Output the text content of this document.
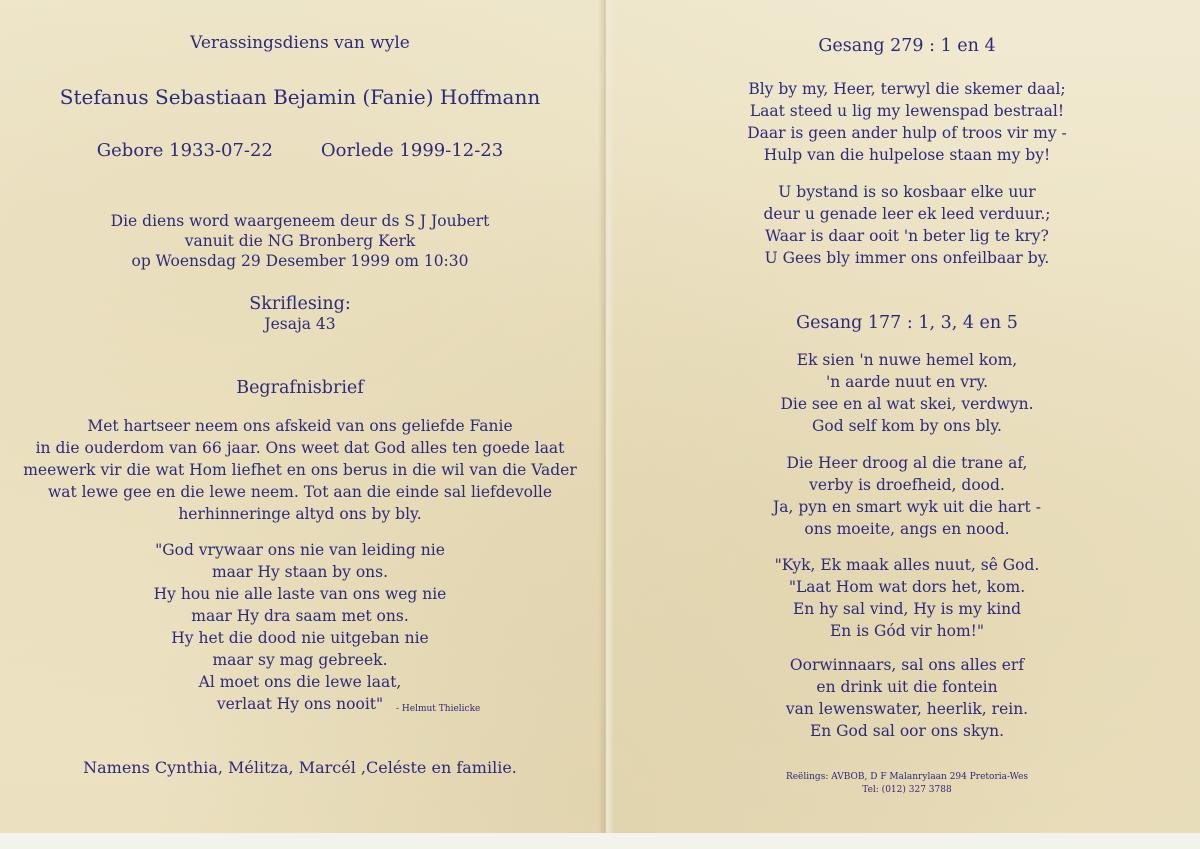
Verassingsdiens van wyle
Stefanus Sebastiaan Bejamin (Fanie) Hoffmann
Gebore 1933-07-22	Oorlede 1999-12-23
Die diens word waargeneem deur ds S J Joubert
vanuit die NG Bronberg Kerk
op Woensdag 29 Desember 1999 om 10:30
Skriflesing:
Jesaja 43
Begrafnisbrief
Met hartseer neem ons afskeid van ons geliefde Fanie
in die ouderdom van 66 jaar. Ons weet dat God alles ten goede laat
meewerk vir die wat Hom liefhet en ons berus in die wil van die Vader
wat lewe gee en die lewe neem. Tot aan die einde sal liefdevolle
herhinneringe altyd ons by bly.
"God vrywaar ons nie van leiding nie
maar Hy staan by ons.
Hy hou nie alle laste van ons weg nie
maar Hy dra saam met ons.
Hy het die dood nie uitgeban nie
maar sy mag gebreek.
Al moet ons die lewe laat,
verlaat Hy ons nooit"	- Helmut Thielicke
Namens Cynthia, Mélitza, Marcél ,Celéste en familie.
Gesang 279 : 1 en 4
Bly by my, Heer, terwyl die skemer daal;
Laat steed u lig my lewenspad bestraal!
Daar is geen ander hulp of troos vir my -
Hulp van die hulpelose staan my by!
U bystand is so kosbaar elke uur
deur u genade leer ek leed verduur.;
Waar is daar ooit 'n beter lig te kry?
U Gees bly immer ons onfeilbaar by.
Gesang 177 : 1, 3, 4 en 5
Ek sien 'n nuwe hemel kom,
'n aarde nuut en vry.
Die see en al wat skei, verdwyn.
God self kom by ons bly.
Die Heer droog al die trane af,
verby is droefheid, dood.
Ja, pyn en smart wyk uit die hart -
ons moeite, angs en nood.
"Kyk, Ek maak alles nuut, sê God.
"Laat Hom wat dors het, kom.
En hy sal vind, Hy is my kind
En is Gód vir hom!"
Oorwinnaars, sal ons alles erf
en drink uit die fontein
van lewenswater, heerlik, rein.
En God sal oor ons skyn.
Reëlings: AVBOB, D F Malanrylaan 294 Pretoria-Wes
Tel: (012) 327 3788
